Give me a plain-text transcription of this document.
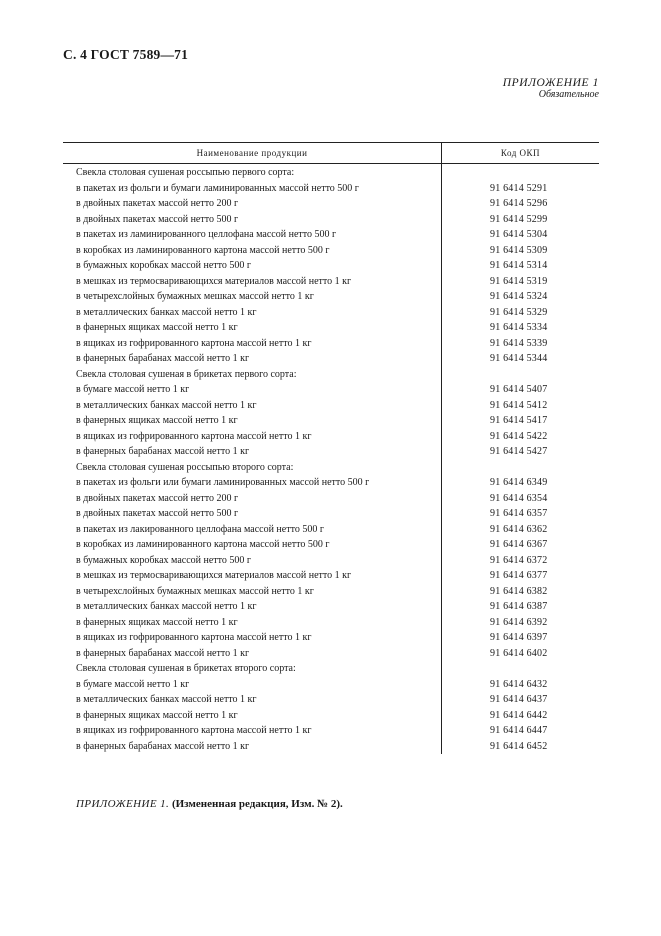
С. 4 ГОСТ 7589—71
ПРИЛОЖЕНИЕ 1
Обязательное
Наименование продукции	Код ОКП
Свекла столовая сушеная россыпью первого сорта:	
в пакетах из фольги и бумаги ламинированных массой нетто 500 г	91 6414 5291
в двойных пакетах массой нетто 200 г	91 6414 5296
в двойных пакетах массой нетто 500 г	91 6414 5299
в пакетах из ламинированного целлофана массой нетто 500 г	91 6414 5304
в коробках из ламинированного картона массой нетто 500 г	91 6414 5309
в бумажных коробках массой нетто 500 г	91 6414 5314
в мешках из термосваривающихся материалов массой нетто 1 кг	91 6414 5319
в четырехслойных бумажных мешках массой нетто 1 кг	91 6414 5324
в металлических банках массой нетто 1 кг	91 6414 5329
в фанерных ящиках массой нетто 1 кг	91 6414 5334
в ящиках из гофрированного картона массой нетто 1 кг	91 6414 5339
в фанерных барабанах массой нетто 1 кг	91 6414 5344
Свекла столовая сушеная в брикетах первого сорта:	
в бумаге массой нетто 1 кг	91 6414 5407
в металлических банках массой нетто 1 кг	91 6414 5412
в фанерных ящиках массой нетто 1 кг	91 6414 5417
в ящиках из гофрированного картона массой нетто 1 кг	91 6414 5422
в фанерных барабанах массой нетто 1 кг	91 6414 5427
Свекла столовая сушеная россыпью второго сорта:	
в пакетах из фольги или бумаги ламинированных массой нетто 500 г	91 6414 6349
в двойных пакетах массой нетто 200 г	91 6414 6354
в двойных пакетах массой нетто 500 г	91 6414 6357
в пакетах из лакированного целлофана массой нетто 500 г	91 6414 6362
в коробках из ламинированного картона массой нетто 500 г	91 6414 6367
в бумажных коробках массой нетто 500 г	91 6414 6372
в мешках из термосваривающихся материалов массой нетто 1 кг	91 6414 6377
в четырехслойных бумажных мешках массой нетто 1 кг	91 6414 6382
в металлических банках массой нетто 1 кг	91 6414 6387
в фанерных ящиках массой нетто 1 кг	91 6414 6392
в ящиках из гофрированного картона массой нетто 1 кг	91 6414 6397
в фанерных барабанах массой нетто 1 кг	91 6414 6402
Свекла столовая сушеная в брикетах второго сорта:	
в бумаге массой нетто 1 кг	91 6414 6432
в металлических банках массой нетто 1 кг	91 6414 6437
в фанерных ящиках массой нетто 1 кг	91 6414 6442
в ящиках из гофрированного картона массой нетто 1 кг	91 6414 6447
в фанерных барабанах массой нетто 1 кг	91 6414 6452
ПРИЛОЖЕНИЕ 1. (Измененная редакция, Изм. № 2).
